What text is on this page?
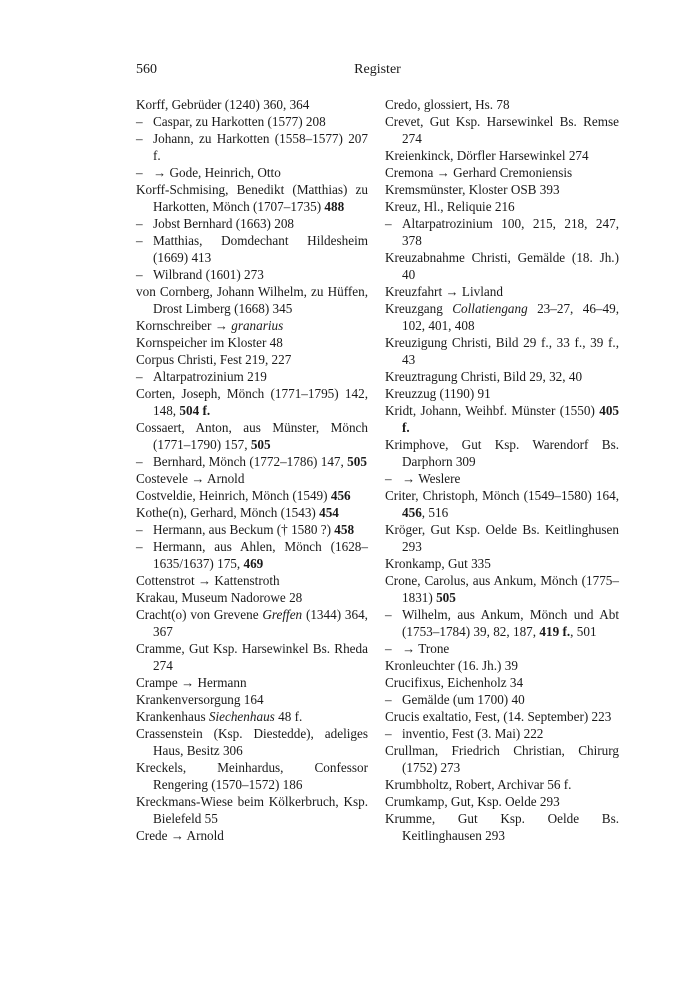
560	Register
Korff, Gebrüder (1240) 360, 364
– Caspar, zu Harkotten (1577) 208
– Johann, zu Harkotten (1558–1577) 207 f.
– → Gode, Heinrich, Otto
Korff-Schmising, Benedikt (Matthias) zu Harkotten, Mönch (1707–1735) 488
– Jobst Bernhard (1663) 208
– Matthias, Domdechant Hildesheim (1669) 413
– Wilbrand (1601) 273
von Cornberg, Johann Wilhelm, zu Hüffen, Drost Limberg (1668) 345
Kornschreiber → granarius
Kornspeicher im Kloster 48
Corpus Christi, Fest 219, 227
– Altarpatrozinium 219
Corten, Joseph, Mönch (1771–1795) 142, 148, 504 f.
Cossaert, Anton, aus Münster, Mönch (1771–1790) 157, 505
– Bernhard, Mönch (1772–1786) 147, 505
Costevele → Arnold
Costveldie, Heinrich, Mönch (1549) 456
Kothe(n), Gerhard, Mönch (1543) 454
– Hermann, aus Beckum († 1580 ?) 458
– Hermann, aus Ahlen, Mönch (1628–1635/1637) 175, 469
Cottenstrot → Kattenstroth
Krakau, Museum Nadorowe 28
Cracht(o) von Grevene Greffen (1344) 364, 367
Cramme, Gut Ksp. Harsewinkel Bs. Rheda 274
Crampe → Hermann
Krankenversorgung 164
Krankenhaus Siechenhaus 48 f.
Crassenstein (Ksp. Diestedde), adeliges Haus, Besitz 306
Kreckels, Meinhardus, Confessor Rengering (1570–1572) 186
Kreckmans-Wiese beim Kölkerbruch, Ksp. Bielefeld 55
Crede → Arnold
Credo, glossiert, Hs. 78
Crevet, Gut Ksp. Harsewinkel Bs. Remse 274
Kreienkinck, Dörfler Harsewinkel 274
Cremona → Gerhard Cremoniensis
Kremsmünster, Kloster OSB 393
Kreuz, Hl., Reliquie 216
– Altarpatrozinium 100, 215, 218, 247, 378
Kreuzabnahme Christi, Gemälde (18. Jh.) 40
Kreuzfahrt → Livland
Kreuzgang Collatiengang 23–27, 46–49, 102, 401, 408
Kreuzigung Christi, Bild 29 f., 33 f., 39 f., 43
Kreuztragung Christi, Bild 29, 32, 40
Kreuzzug (1190) 91
Kridt, Johann, Weihbf. Münster (1550) 405 f.
Krimphove, Gut Ksp. Warendorf Bs. Darphorn 309
– → Weslere
Criter, Christoph, Mönch (1549–1580) 164, 456, 516
Kröger, Gut Ksp. Oelde Bs. Keitlinghusen 293
Kronkamp, Gut 335
Crone, Carolus, aus Ankum, Mönch (1775–1831) 505
– Wilhelm, aus Ankum, Mönch und Abt (1753–1784) 39, 82, 187, 419 f., 501
– → Trone
Kronleuchter (16. Jh.) 39
Crucifixus, Eichenholz 34
– Gemälde (um 1700) 40
Crucis exaltatio, Fest, (14. September) 223
– inventio, Fest (3. Mai) 222
Crullman, Friedrich Christian, Chirurg (1752) 273
Krumbholtz, Robert, Archivar 56 f.
Crumkamp, Gut, Ksp. Oelde 293
Krumme, Gut Ksp. Oelde Bs. Keitlinghausen 293
